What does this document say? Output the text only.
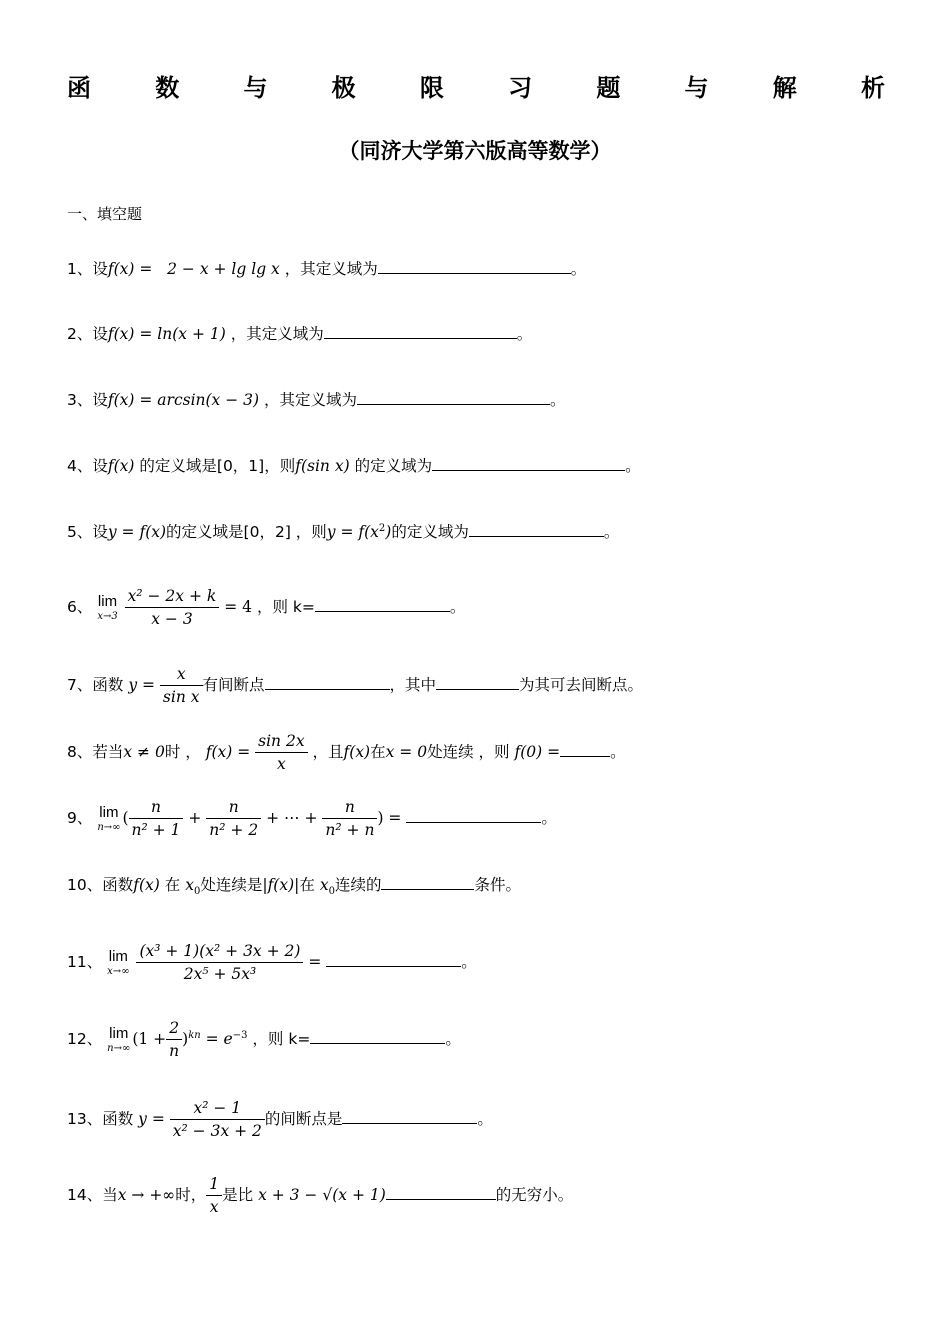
函	数	与	极	限	习	题	与	解	析
（同济大学第六版高等数学）
一、填空题
1、设f(x) =   2 − x + lg lg x ，其定义域为	。
2、设f(x) = ln(x + 1) ，其定义域为	。
3、设f(x) = arcsin(x − 3) ，其定义域为	。
4、设f(x) 的定义域是[0，1]，则f(sin x) 的定义域为	。
5、设y = f(x)的定义域是[0，2] ，则$y = f(x^2)$的定义域为	。
6、 lim
x→3
$\frac{\text{x² − 2x + k}}{x - 3} = 4$ ，则 k=	。
7、函数 $y = \frac{x}{\text{sin x}}$ 有间断点	，其中	为其可去间断点。
8、若当x ≠ 0时 ， $f(x) = \frac{\sin 2x}{x}$ ，且f(x)在x = 0处连续 ，则 f(0) =	。
9、 lim
n→∞ ( $\frac{n}{\text{n² + 1}} + \frac{n}{\text{n² + 2}}$ + ⋯ + $\frac{n}{\text{n² + n}}$ ) =	。
10、函数f(x) 在 $x_0$处连续是|f(x)|在 $x_0$连续的	条件。
11、 lim
x→∞
$\frac{\text{(x³ + 1)(x² + 3x + 2)}}{\text{2x⁵ + 5x³}}$ =	。
12、 lim
n→∞ $(1 + \frac{2}{n} )^{kn} = e^{-3}$ ，则 k=	。
13、函数 $y = \frac{\text{x² − 1}}{\text{x² − 3x + 2}}$ 的间断点是	。
14、当x → +∞时， $\frac{1}{x}$ 是比 x + 3 − √(x + 1)	的无穷小。
